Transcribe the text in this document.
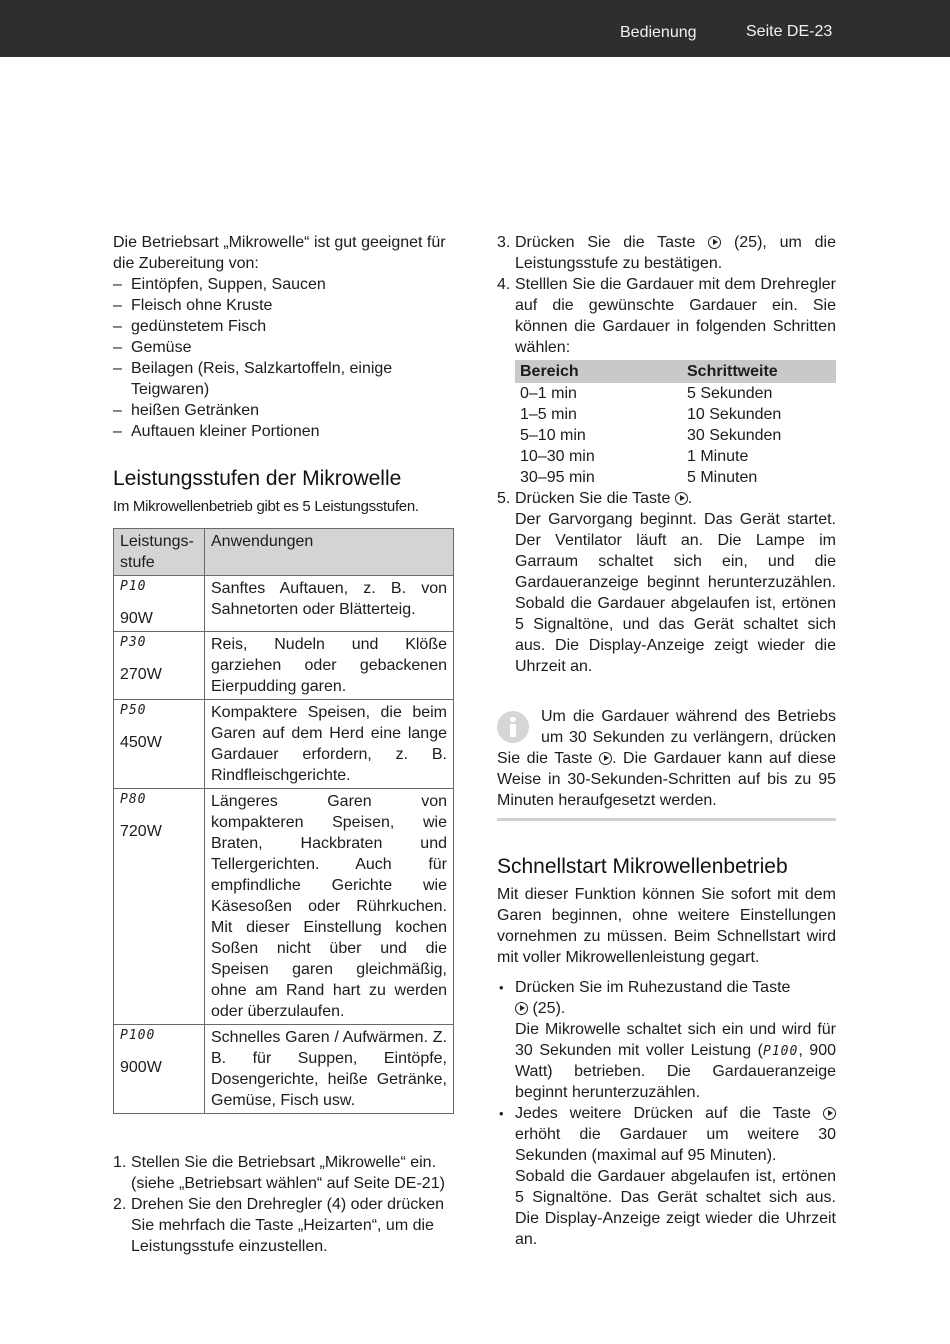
Bedienung	Seite DE-23

Die Betriebsart „Mikrowelle“ ist gut geeignet für die Zubereitung von:

– Eintöpfen, Suppen, Saucen
– Fleisch ohne Kruste
– gedünstetem Fisch
– Gemüse
– Beilagen (Reis, Salzkartoffeln, einige Teigwaren)
– heißen Getränken
– Auftauen kleiner Portionen
Leistungsstufen der Mikrowelle

Im Mikrowellenbetrieb gibt es 5 Leistungsstufen.

Leistungs-stufe	Anwendungen

P10
90W	Sanftes Auftauen, z. B. von Sahnetorten oder Blätterteig.

P30
270W	Reis, Nudeln und Klöße garziehen oder gebackenen Eierpudding garen.

P50
450W	Kompaktere Speisen, die beim Garen auf dem Herd eine lange Gardauer erfordern, z. B. Rindfleischgerichte.

P80
720W	Längeres Garen von kompakteren Speisen, wie Braten, Hackbraten und Tellergerichten. Auch für empfindliche Gerichte wie Käsesoßen oder Rührkuchen. Mit dieser Einstellung kochen Soßen nicht über und die Speisen garen gleichmäßig, ohne am Rand hart zu werden oder überzulaufen.

P100
900W	Schnelles Garen / Aufwärmen. Z. B. für Suppen, Eintöpfe, Dosengerichte, heiße Getränke, Gemüse, Fisch usw.
1. Stellen Sie die Betriebsart „Mikrowelle“ ein. (siehe „Betriebsart wählen“ auf Seite DE-21)
2. Drehen Sie den Drehregler (4) oder drücken Sie mehrfach die Taste „Heizarten“, um die Leistungsstufe einzustellen.
3. Drücken Sie die Taste  (25), um die Leistungsstufe zu bestätigen.
4. Stelllen Sie die Gardauer mit dem Drehregler auf die gewünschte Gardauer ein. Sie können die Gardauer in folgenden Schritten wählen:
Bereich	Schrittweite
0–1 min	5 Sekunden
1–5 min	10 Sekunden
5–10 min	30 Sekunden
10–30 min	1 Minute
30–95 min	5 Minuten
5. Drücken Sie die Taste .
Der Garvorgang beginnt. Das Gerät startet. Der Ventilator läuft an. Die Lampe im Garraum schaltet sich ein, und die Gardaueranzeige beginnt herunterzuzählen. Sobald die Gardauer abgelaufen ist, ertönen 5 Signaltöne, und das Gerät schaltet sich aus. Die Display-Anzeige zeigt wieder die Uhrzeit an.
Um die Gardauer während des Betriebs um 30 Sekunden zu verlängern, drücken Sie die Taste . Die Gardauer kann auf diese Weise in 30-Sekunden-Schritten auf bis zu 95 Minuten heraufgesetzt werden.
Schnellstart Mikrowellenbetrieb

Mit dieser Funktion können Sie sofort mit dem Garen beginnen, ohne weitere Einstellungen vornehmen zu müssen. Beim Schnellstart wird mit voller Mikrowellenleistung gegart.

• Drücken Sie im Ruhezustand die Taste
(25).
Die Mikrowelle schaltet sich ein und wird für 30 Sekunden mit voller Leistung (P100, 900 Watt) betrieben. Die Gardaueranzeige beginnt herunterzuzählen.
• Jedes weitere Drücken auf die Taste  erhöht die Gardauer um weitere 30 Sekunden (maximal auf 95 Minuten).
Sobald die Gardauer abgelaufen ist, ertönen 5 Signaltöne. Das Gerät schaltet sich aus. Die Display-Anzeige zeigt wieder die Uhrzeit an.
